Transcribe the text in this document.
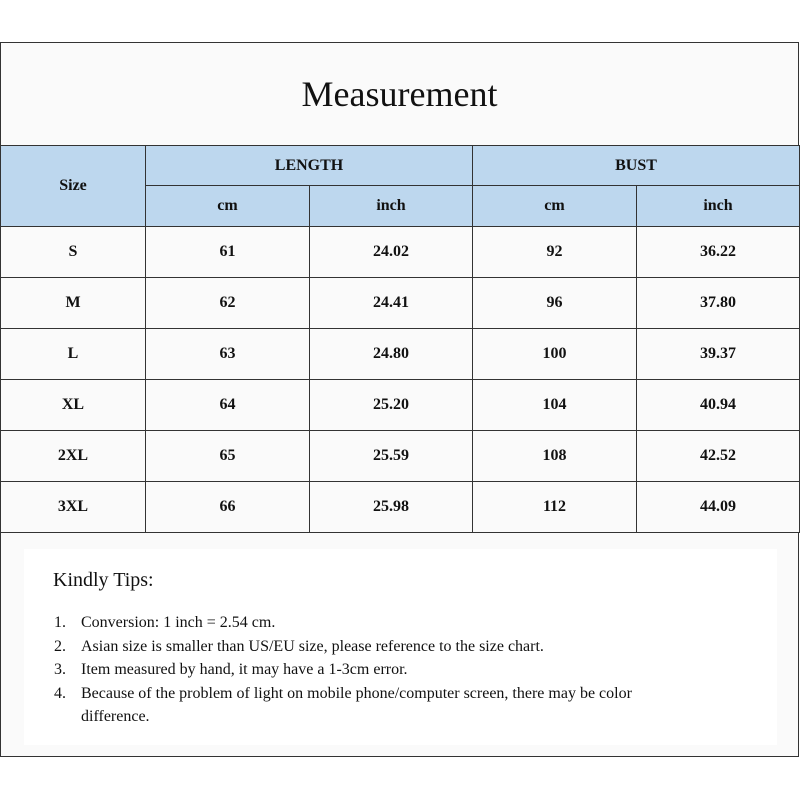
Measurement
Size	LENGTH		BUST	
	cm	inch	cm	inch
S	61	24.02	92	36.22
M	62	24.41	96	37.80
L	63	24.80	100	39.37
XL	64	25.20	104	40.94
2XL	65	25.59	108	42.52
3XL	66	25.98	112	44.09
Kindly Tips:
1. Conversion: 1 inch = 2.54 cm.
2. Asian size is smaller than US/EU size, please reference to the size chart.
3. Item measured by hand, it may have a 1-3cm error.
4. Because of the problem of light on mobile phone/computer screen, there may be color difference.
